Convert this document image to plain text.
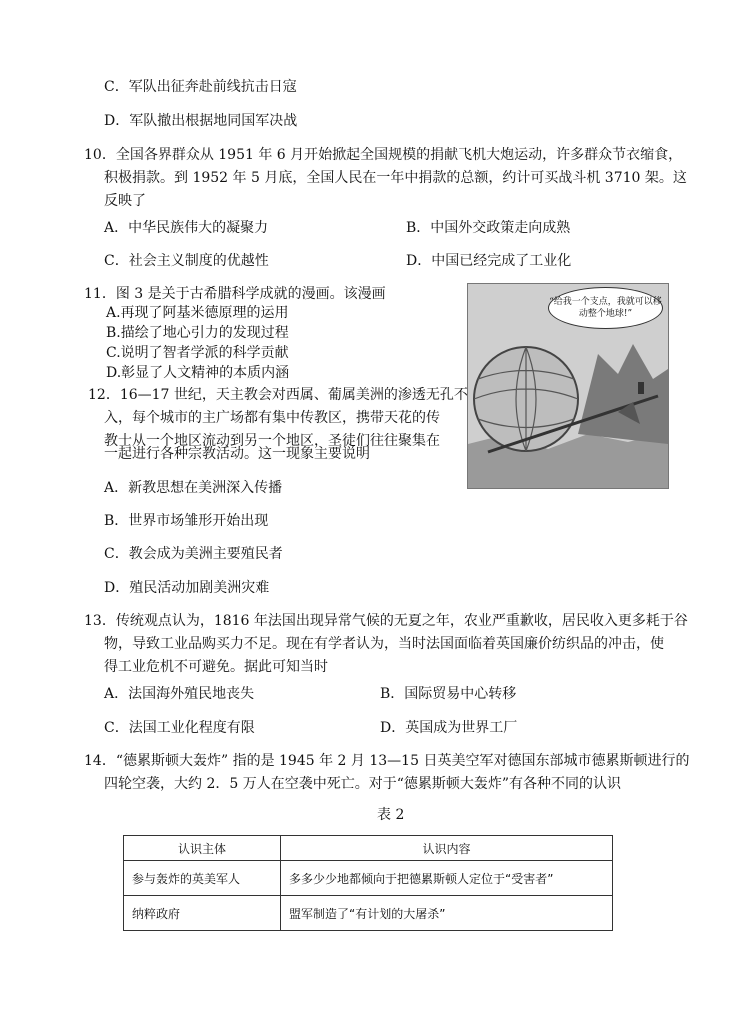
C．军队出征奔赴前线抗击日寇
D．军队撤出根据地同国军决战
10．全国各界群众从 1951 年 6 月开始掀起全国规模的捐献飞机大炮运动，许多群众节衣缩食，
积极捐款。到 1952 年 5 月底，全国人民在一年中捐款的总额，约计可买战斗机 3710 架。这
反映了
A．中华民族伟大的凝聚力	B．中国外交政策走向成熟
C．社会主义制度的优越性	D．中国已经完成了工业化
11．图 3 是关于古希腊科学成就的漫画。该漫画
A.再现了阿基米德原理的运用
B.描绘了地心引力的发现过程
C.说明了智者学派的科学贡献
D.彰显了人文精神的本质内涵
“给我一个支点，我就可以移动整个地球!”
12．16—17 世纪，天主教会对西属、葡属美洲的渗透无孔不
入，每个城市的主广场都有集中传教区，携带天花的传
教士从一个地区流动到另一个地区，圣徒们往往聚集在
一起进行各种宗教活动。这一现象主要说明
A．新教思想在美洲深入传播
B．世界市场雏形开始出现
C．教会成为美洲主要殖民者
D．殖民活动加剧美洲灾难
13．传统观点认为，1816 年法国出现异常气候的无夏之年，农业严重歉收，居民收入更多耗于谷
物，导致工业品购买力不足。现在有学者认为，当时法国面临着英国廉价纺织品的冲击，使
得工业危机不可避免。据此可知当时
A．法国海外殖民地丧失	B．国际贸易中心转移
C．法国工业化程度有限	D．英国成为世界工厂
14．“德累斯顿大轰炸” 指的是 1945 年 2 月 13—15 日英美空军对德国东部城市德累斯顿进行的
四轮空袭，大约 2．5 万人在空袭中死亡。对于“德累斯顿大轰炸”有各种不同的认识
表 2
认识主体	认识内容
参与轰炸的英美军人	多多少少地都倾向于把德累斯顿人定位于“受害者”
纳粹政府	盟军制造了“有计划的大屠杀”
